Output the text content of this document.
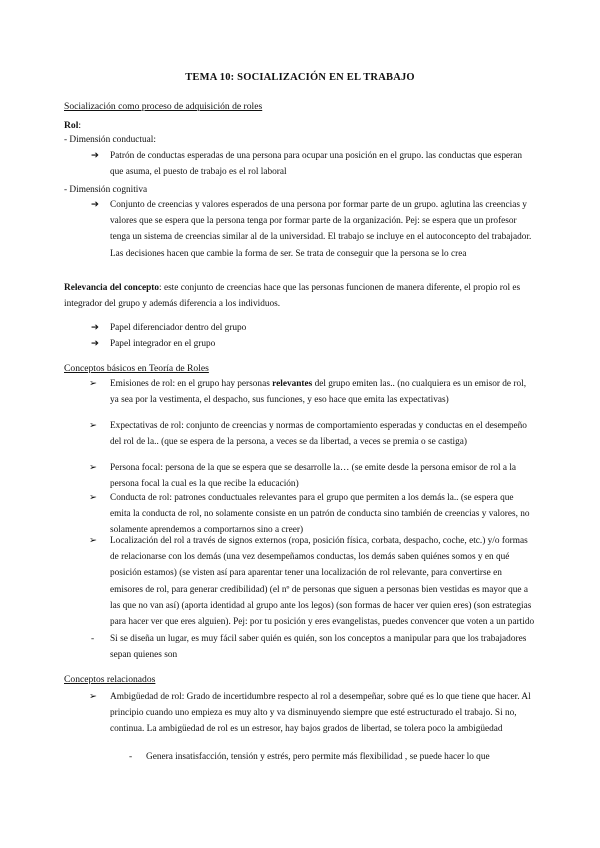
TEMA 10: SOCIALIZACIÓN EN EL TRABAJO
Socialización como proceso de adquisición de roles
Rol:
- Dimensión conductual:
➔ Patrón de conductas esperadas de una persona para ocupar una posición en el grupo. las conductas que esperan que asuma, el puesto de trabajo es el rol laboral
- Dimensión cognitiva
➔ Conjunto de creencias y valores esperados de una persona por formar parte de un grupo. aglutina las creencias y valores que se espera que la persona tenga por formar parte de la organización. Pej: se espera que un profesor tenga un sistema de creencias similar al de la universidad. El trabajo se incluye en el autoconcepto del trabajador. Las decisiones hacen que cambie la forma de ser. Se trata de conseguir que la persona se lo crea
Relevancia del concepto: este conjunto de creencias hace que las personas funcionen de manera diferente, el propio rol es integrador del grupo y además diferencia a los individuos.
➔ Papel diferenciador dentro del grupo
➔ Papel integrador en el grupo
Conceptos básicos en Teoría de Roles
➢ Emisiones de rol: en el grupo hay personas relevantes del grupo emiten las.. (no cualquiera es un emisor de rol, ya sea por la vestimenta, el despacho, sus funciones, y eso hace que emita las expectativas)
➢ Expectativas de rol: conjunto de creencias y normas de comportamiento esperadas y conductas en el desempeño del rol de la.. (que se espera de la persona, a veces se da libertad, a veces se premia o se castiga)
➢ Persona focal: persona de la que se espera que se desarrolle la… (se emite desde la persona emisor de rol a la persona focal la cual es la que recibe la educación)
➢ Conducta de rol: patrones conductuales relevantes para el grupo que permiten a los demás la.. (se espera que emita la conducta de rol, no solamente consiste en un patrón de conducta sino también de creencias y valores, no solamente aprendemos a comportarnos sino a creer)
➢ Localización del rol a través de signos externos (ropa, posición física, corbata, despacho, coche, etc.) y/o formas de relacionarse con los demás (una vez desempeñamos conductas, los demás saben quiénes somos y en qué posición estamos) (se visten así para aparentar tener una localización de rol relevante, para convertirse en emisores de rol, para generar credibilidad) (el nº de personas que siguen a personas bien vestidas es mayor que a las que no van así) (aporta identidad al grupo ante los legos) (son formas de hacer ver quien eres) (son estrategias para hacer ver que eres alguien). Pej: por tu posición y eres evangelistas, puedes convencer que voten a un partido
- Si se diseña un lugar, es muy fácil saber quién es quién, son los conceptos a manipular para que los trabajadores sepan quienes son
Conceptos relacionados
➢ Ambigüedad de rol: Grado de incertidumbre respecto al rol a desempeñar, sobre qué es lo que tiene que hacer. Al principio cuando uno empieza es muy alto y va disminuyendo siempre que esté estructurado el trabajo. Si no, continua. La ambigüedad de rol es un estresor, hay bajos grados de libertad, se tolera poco la ambigüedad
- Genera insatisfacción, tensión y estrés, pero permite más flexibilidad , se puede hacer lo que
